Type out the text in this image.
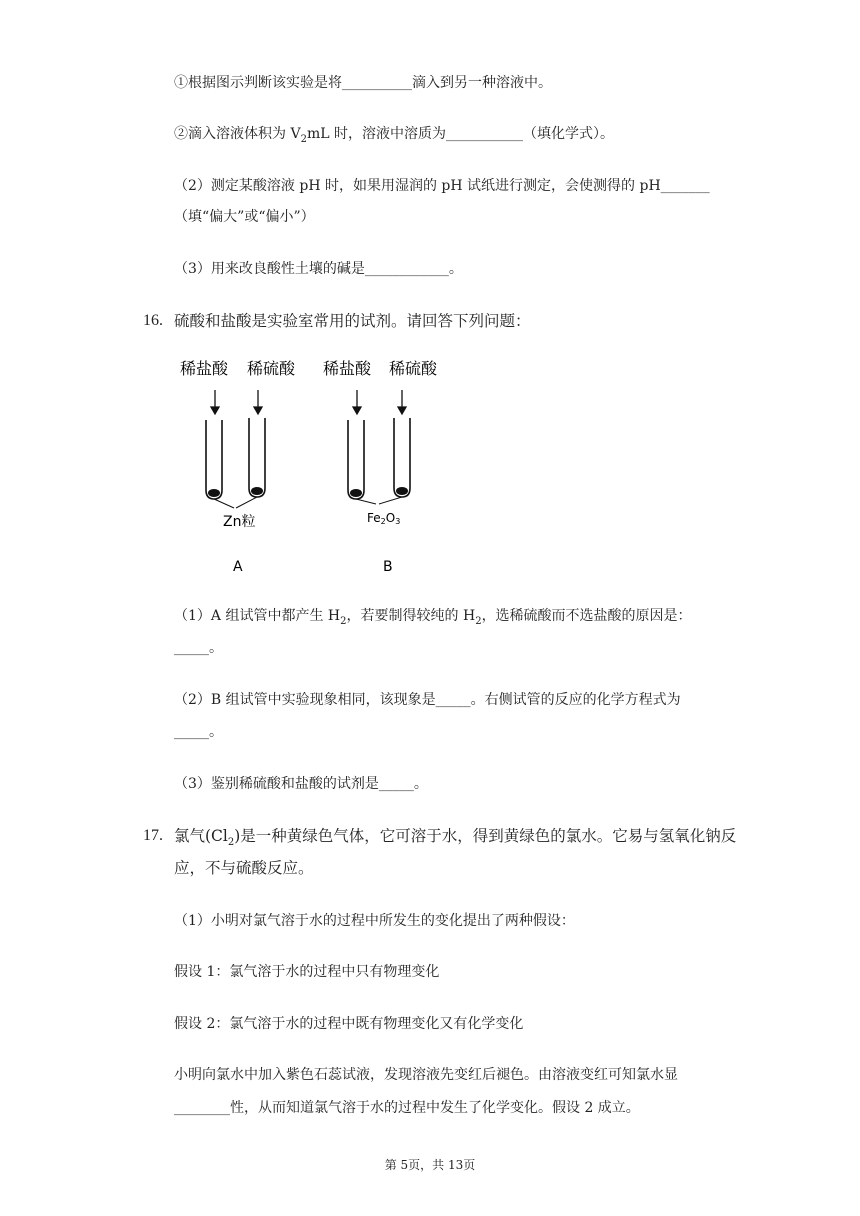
①根据图示判断该实验是将__________滴入到另一种溶液中。
②滴入溶液体积为 $V_2mL$ 时，溶液中溶质为___________（填化学式）。
（2）测定某酸溶液 pH 时，如果用湿润的 pH 试纸进行测定，会使测得的 pH_______
（填“偏大”或“偏小”）
（3）用来改良酸性土壤的碱是____________。
16. 硫酸和盐酸是实验室常用的试剂。请回答下列问题：
稀盐酸 稀硫酸 稀盐酸 稀硫酸
Zn粒	Fe2O3
A	B
（1）A 组试管中都产生 $H_2$，若要制得较纯的 $H_2$，选稀硫酸而不选盐酸的原因是：
_____。
（2）B 组试管中实验现象相同，该现象是_____。右侧试管的反应的化学方程式为
_____。
（3）鉴别稀硫酸和盐酸的试剂是_____。
17. 氯气$(Cl_2)$是一种黄绿色气体，它可溶于水，得到黄绿色的氯水。它易与氢氧化钠反
应，不与硫酸反应。
（1）小明对氯气溶于水的过程中所发生的变化提出了两种假设：
假设 1：氯气溶于水的过程中只有物理变化
假设 2：氯气溶于水的过程中既有物理变化又有化学变化
小明向氯水中加入紫色石蕊试液，发现溶液先变红后褪色。由溶液变红可知氯水显
________性，从而知道氯气溶于水的过程中发生了化学变化。假设 2 成立。
第 5页，共 13页
